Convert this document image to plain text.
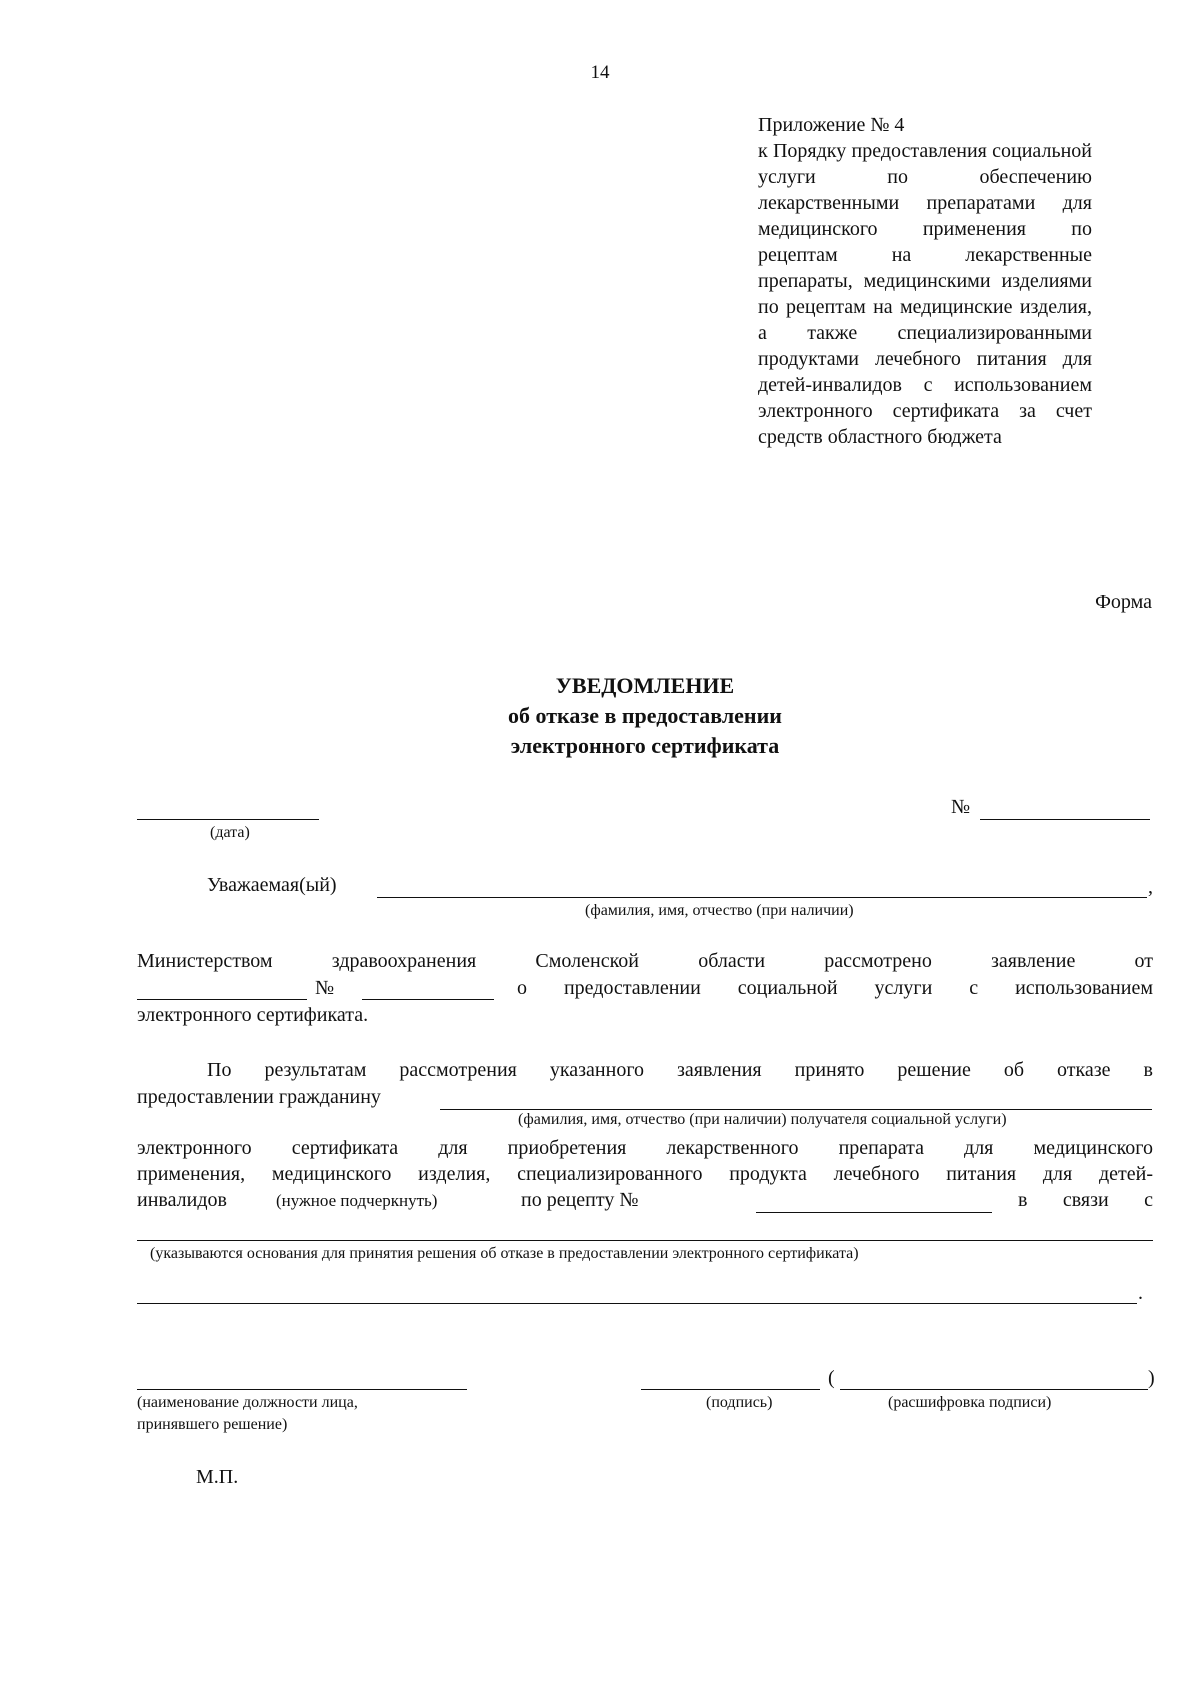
14
Приложение № 4
к Порядку предоставления социальной услуги по обеспечению лекарственными препаратами для медицинского применения по рецептам на лекарственные препараты, медицинскими изделиями по рецептам на медицинские изделия, а также специализированными продуктами лечебного питания для детей-инвалидов с использованием электронного сертификата за счет средств областного бюджета
Форма
УВЕДОМЛЕНИЕ
об отказе в предоставлении
электронного сертификата
(дата)
№
Уважаемая(ый)	,
(фамилия, имя, отчество (при наличии)
Министерством здравоохранения Смоленской области рассмотрено заявление от
№	о предоставлении социальной услуги с использованием
электронного сертификата.
По результатам рассмотрения указанного заявления принято решение об отказе в
предоставлении гражданину
(фамилия, имя, отчество (при наличии) получателя социальной услуги)
электронного сертификата для приобретения лекарственного препарата для медицинского
применения, медицинского изделия, специализированного продукта лечебного питания для детей-
инвалидов	(нужное подчеркнуть)	по рецепту №	в связи с
(указываются основания для принятия решения об отказе в предоставлении электронного сертификата)
.
(наименование должности лица,
принявшего решение)
(подпись)
(	)
(расшифровка подписи)
М.П.
